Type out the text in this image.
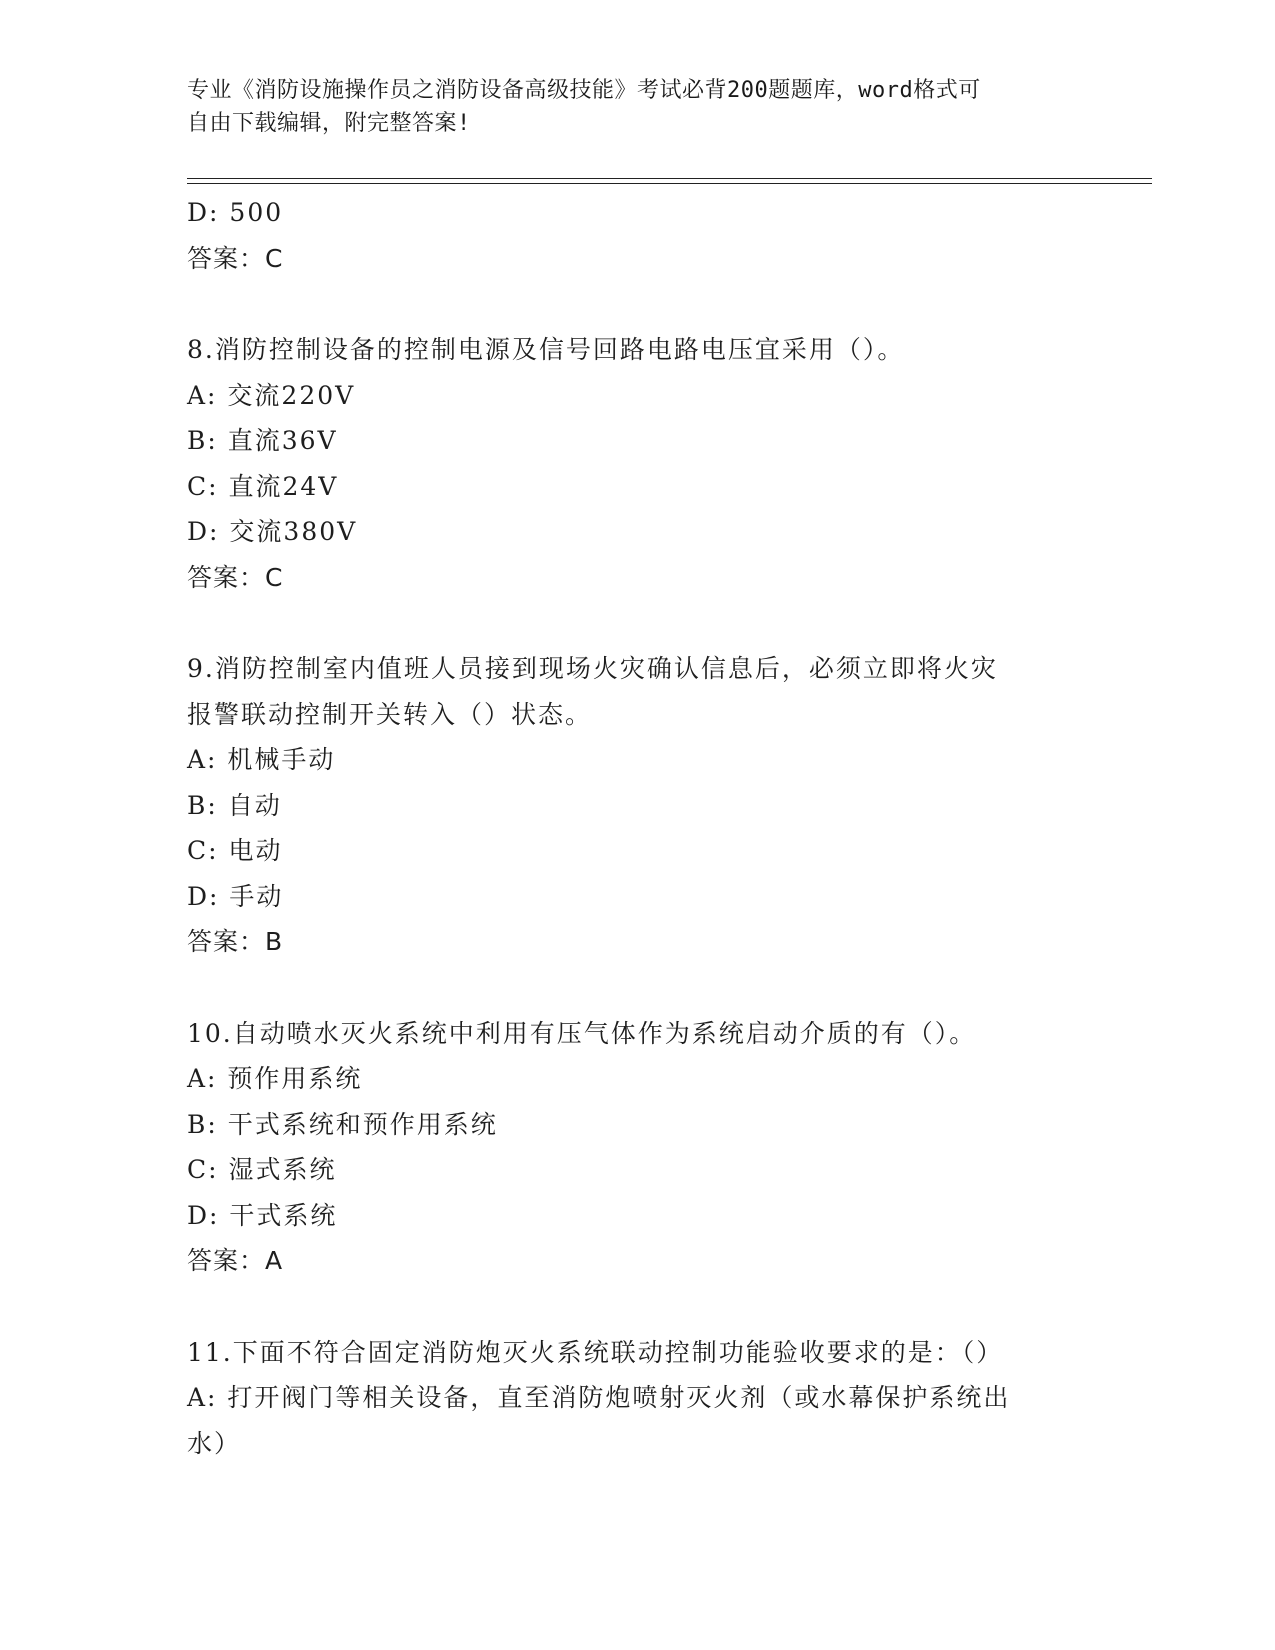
专业《消防设施操作员之消防设备高级技能》考试必背200题题库，word格式可
自由下载编辑，附完整答案!
D: 500
答案：C
8.消防控制设备的控制电源及信号回路电路电压宜采用（）。
A: 交流220V
B: 直流36V
C: 直流24V
D: 交流380V
答案：C
9.消防控制室内值班人员接到现场火灾确认信息后，必须立即将火灾
报警联动控制开关转入（）状态。
A: 机械手动
B: 自动
C: 电动
D: 手动
答案：B
10.自动喷水灭火系统中利用有压气体作为系统启动介质的有（）。
A: 预作用系统
B: 干式系统和预作用系统
C: 湿式系统
D: 干式系统
答案：A
11.下面不符合固定消防炮灭火系统联动控制功能验收要求的是：（）
A: 打开阀门等相关设备，直至消防炮喷射灭火剂（或水幕保护系统出
水）
